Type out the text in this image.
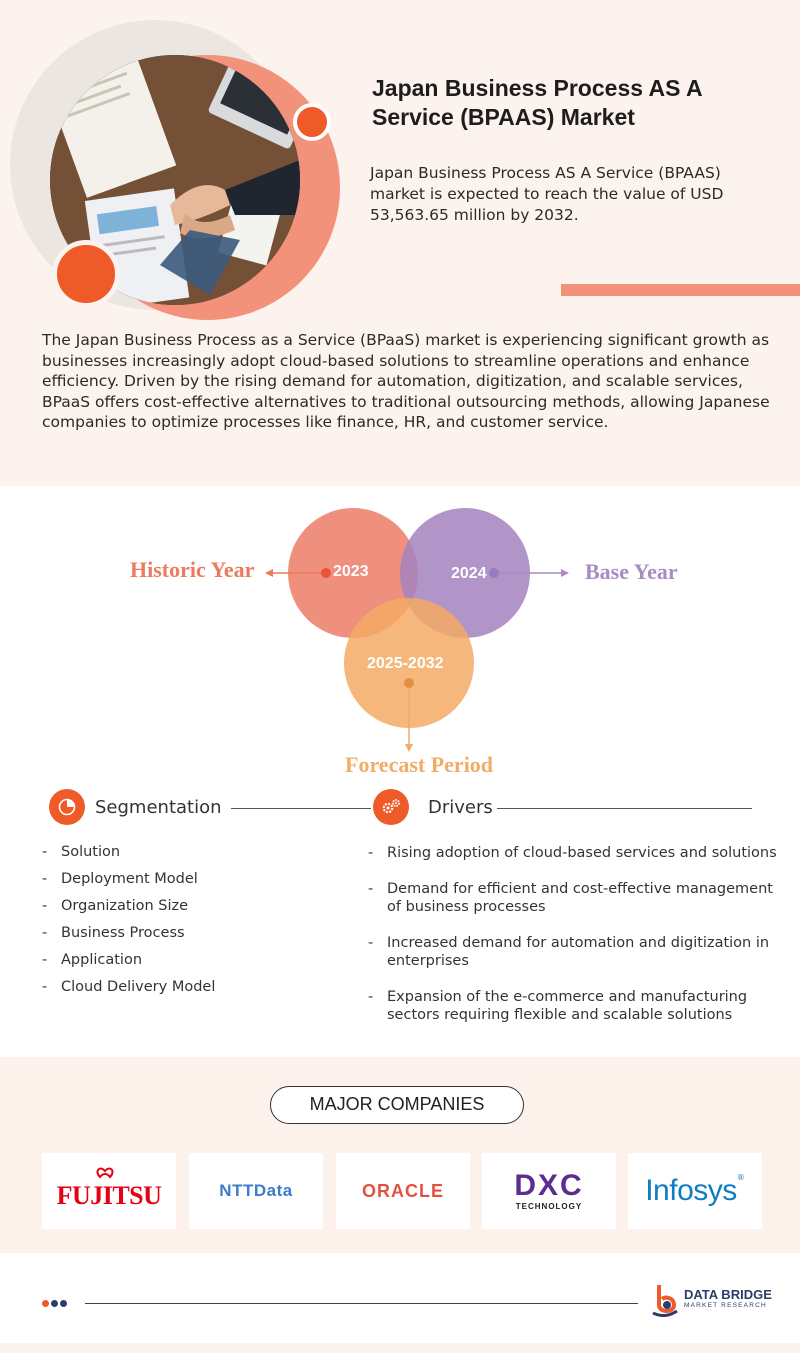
Japan Business Process AS A Service (BPAAS) Market

Japan Business Process AS A Service (BPAAS) market is expected to reach the value of USD 53,563.65 million by 2032.

The Japan Business Process as a Service (BPaaS) market is experiencing significant growth as businesses increasingly adopt cloud-based solutions to streamline operations and enhance efficiency. Driven by the rising demand for automation, digitization, and scalable services, BPaaS offers cost-effective alternatives to traditional outsourcing methods, allowing Japanese companies to optimize processes like finance, HR, and customer service.

2023	2024
2025-2032
Historic Year	Base Year
Forecast Period
Segmentation
- Solution
- Deployment Model
- Organization Size
- Business Process
- Application
- Cloud Delivery Model
Drivers
- Rising adoption of cloud-based services and solutions
- Demand for efficient and cost-effective management of business processes
- Increased demand for automation and digitization in enterprises
- Expansion of the e-commerce and manufacturing sectors requiring flexible and scalable solutions
MAJOR COMPANIES
FUJITSU	NTTData	ORACLE DXC
TECHNOLOGY Infosys ®
DATA BRIDGE
MARKET RESEARCH
